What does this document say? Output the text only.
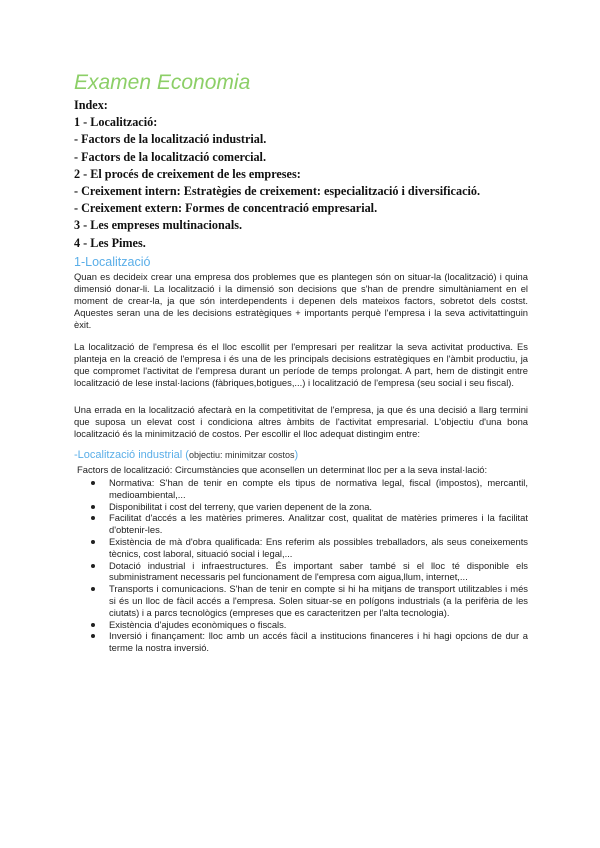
Examen Economia
Index:
1 - Localització:
- Factors de la localització industrial.
- Factors de la localització comercial.
2 - El procés de creixement de les empreses:
- Creixement intern: Estratègies de creixement: especialització i diversificació.
- Creixement extern: Formes de concentració empresarial.
3 - Les empreses multinacionals.
4 - Les Pimes.
1-Localització

Quan es decideix crear una empresa dos problemes que es plantegen són on situar-la (localització) i quina dimensió donar-li. La localització i la dimensió son decisions que s'han de prendre simultàniament en el moment de crear-la, ja que són interdependents i depenen dels mateixos factors, sobretot dels costst. Aquestes seran una de les decisions estratègiques + importants perquè l'empresa i la seva activitattinguin èxit.

La localització de l'empresa és el lloc escollit per l'empresari per realitzar la seva activitat productiva. Es planteja en la creació de l'empresa i és una de les principals decisions estratègiques en l'àmbit productiu, ja que compromet l'activitat de l'empresa durant un període de temps prolongat. A part, hem de distingit entre localització de lese instal·lacions (fàbriques,botigues,...) i localització de l'empresa (seu social i seu fiscal).

Una errada en la localització afectarà en la competitivitat de l'empresa, ja que és una decisió a llarg termini que suposa un elevat cost i condiciona altres àmbits de l'activitat empresarial. L'objectiu d'una bona localització és la minimització de costos. Per escollir el lloc adequat distingim entre:

-Localització industrial (objectiu: minimitzar costos)

Factors de localització: Circumstàncies que aconsellen un determinat lloc per a la seva instal·lació:

Normativa: S'han de tenir en compte els tipus de normativa legal, fiscal (impostos), mercantil, medioambiental,...
Disponibilitat i cost del terreny, que varien depenent de la zona.
Facilitat d'accés a les matèries primeres. Analitzar cost, qualitat de matèries primeres i la facilitat d'obtenir-les.
Existència de mà d'obra qualificada: Ens referim als possibles treballadors, als seus coneixements tècnics, cost laboral, situació social i legal,...
Dotació industrial i infraestructures. És important saber també si el lloc té disponible els subministrament necessaris pel funcionament de l'empresa com aigua,llum, internet,...
Transports i comunicacions. S'han de tenir en compte si hi ha mitjans de transport utilitzables i més si és un lloc de fàcil accés a l'empresa. Solen situar-se en polígons industrials (a la perifèria de les ciutats) i a parcs tecnològics (empreses que es caracteritzen per l'alta tecnologia).
Existència d'ajudes econòmiques o fiscals.
Inversió i finançament: lloc amb un accés fàcil a institucions financeres i hi hagi opcions de dur a terme la nostra inversió.
